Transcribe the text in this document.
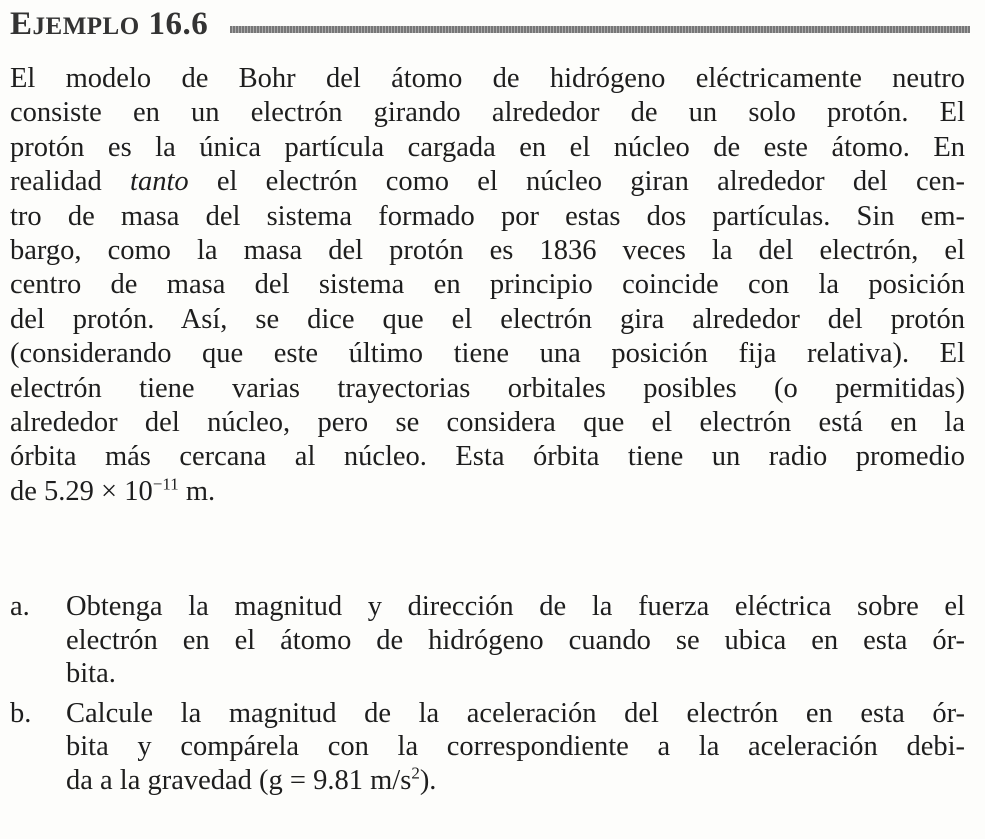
EJEMPLO 16.6
El modelo de Bohr del átomo de hidrógeno eléctricamente neutro
consiste en un electrón girando alrededor de un solo protón. El
protón es la única partícula cargada en el núcleo de este átomo. En
realidad tanto el electrón como el núcleo giran alrededor del cen-
tro de masa del sistema formado por estas dos partículas. Sin em-
bargo, como la masa del protón es 1836 veces la del electrón, el
centro de masa del sistema en principio coincide con la posición
del protón. Así, se dice que el electrón gira alrededor del protón
(considerando que este último tiene una posición fija relativa). El
electrón tiene varias trayectorias orbitales posibles (o permitidas)
alrededor del núcleo, pero se considera que el electrón está en la
órbita más cercana al núcleo. Esta órbita tiene un radio promedio
de $5.29 \times 10^{-11}$ m.
a. Obtenga la magnitud y dirección de la fuerza eléctrica sobre el
electrón en el átomo de hidrógeno cuando se ubica en esta ór-
bita.
b. Calcule la magnitud de la aceleración del electrón en esta ór-
bita y compárela con la correspondiente a la aceleración debi-
da a la gravedad (g = 9.81 $m/s^2$).
